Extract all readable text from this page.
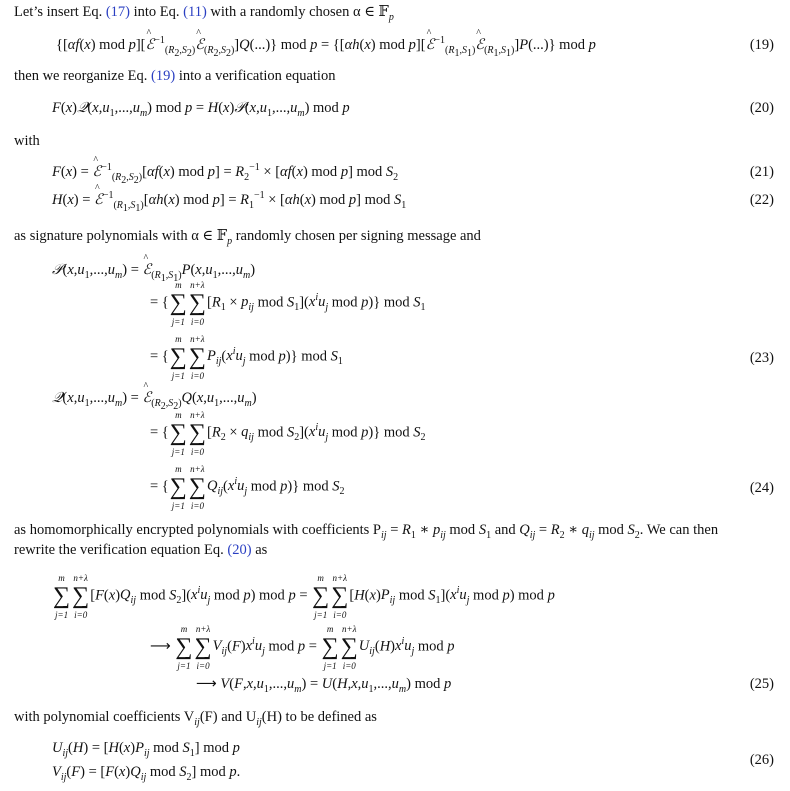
Let’s insert Eq. (17) into Eq. (11) with a randomly chosen α ∈ 𝔽$_p$
{[αf(x) mod p][^ ℰ$^{-1}_{(R_2,S_2)}$^ ℰ$_{(R_2,S_2)}$]Q(...)} mod p = {[αh(x) mod p][^ ℰ$^{-1}_{(R_1,S_1)}$^ ℰ$_{(R_1,S_1)}$]P(...)} mod p	(19)
then we reorganize Eq. (19) into a verification equation
$F(x)𝒬(x,u_1,...,u_m)$ mod $p = H(x)𝒫(x,u_1,...,u_m)$ mod p	(20)
with
F(x) = ^ ℰ$^{-1}_{(R_2,S_2)}$[αf(x) mod $p] = R_2^{-1} \times [\alpha f(x)$ mod p] mod $S_2$	(21)
H(x) = ^ ℰ$^{-1}_{(R_1,S_1)}$[αh(x) mod $p] = R_1^{-1} \times [\alpha h(x)$ mod p] mod $S_1$	(22)
as signature polynomials with α ∈ 𝔽$_p$ randomly chosen per signing message and
$𝒫(x,u_1,...,u_m)$ = ^ $ℰ_{(R_1,S_1)}P(x,u_1,...,u_m)$
= {
m
∑
j=1
n+λ
∑
i=0
[$R_1 \times p_{ij}$ mod $S_1](x^iu_j$ mod p)} mod $S_1$
= {
m
∑
j=1
n+λ
∑
i=0
$P_{ij}(x^iu_j$ mod p)} mod $S_1$	(23)
$𝒬(x,u_1,...,u_m)$ = ^ $ℰ_{(R_2,S_2)}Q(x,u_1,...,u_m)$
= {
m
∑
j=1
n+λ
∑
i=0
[$R_2 \times q_{ij}$ mod $S_2](x^iu_j$ mod p)} mod $S_2$
= {
m
∑
j=1
n+λ
∑
i=0
$Q_{ij}(x^iu_j$ mod p)} mod $S_2$	(24)
as homomorphically encrypted polynomials with coefficients $P_{ij} = R_1$ ∗ $p_{ij}$ mod $S_1$ and $Q_{ij} = R_2$ ∗ $q_{ij}$ mod $S_2$. We can then
rewrite the verification equation Eq. (20) as
m
∑
j=1
n+λ
∑
i=0
[$F(x)Q_{ij}$ mod $S_2](x^iu_j$ mod p) mod p =
m
∑
j=1
n+λ
∑
i=0
[$H(x)P_{ij}$ mod $S_1](x^iu_j$ mod p) mod p
⟶
m
∑
j=1
n+λ
∑
i=0
$V_{ij}(F)x^iu_j$ mod p =
m
∑
j=1
n+λ
∑
i=0
$U_{ij}(H)x^iu_j$ mod p
⟶ $V(F,x,u_1,...,u_m) = U(H,x,u_1,...,u_m)$ mod p	(25)
with polynomial coefficients $V_{ij}(F)$ and $U_{ij}(H)$ to be defined as
$U_{ij}(H) = [H(x)P_{ij}$ mod $S_1$] mod p
$V_{ij}(F) = [F(x)Q_{ij}$ mod $S_2$] mod p.
(26)
